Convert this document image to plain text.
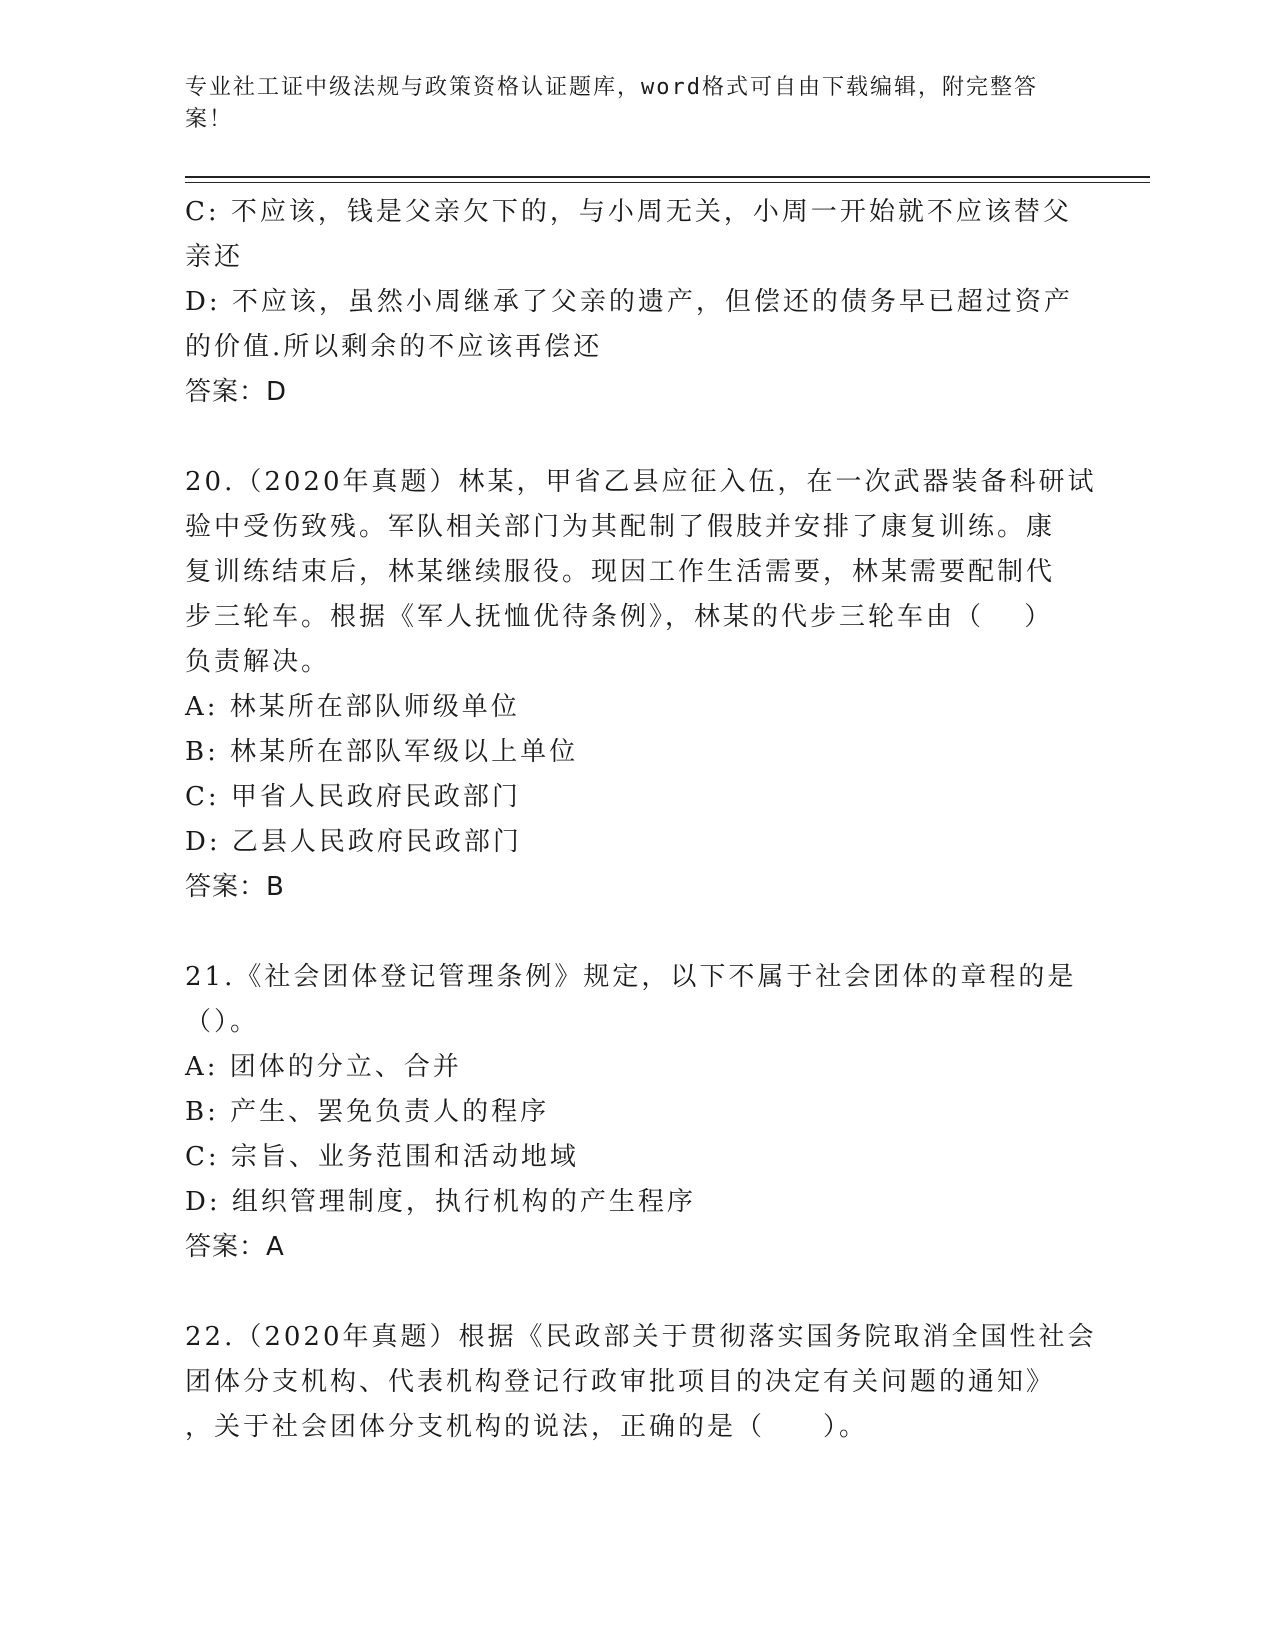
专业社工证中级法规与政策资格认证题库，word格式可自由下载编辑，附完整答
案！
C: 不应该，钱是父亲欠下的，与小周无关，小周一开始就不应该替父
亲还
D: 不应该，虽然小周继承了父亲的遗产，但偿还的债务早已超过资产
的价值.所以剩余的不应该再偿还
答案：D
20.（2020年真题）林某，甲省乙县应征入伍，在一次武器装备科研试
验中受伤致残。军队相关部门为其配制了假肢并安排了康复训练。康
复训练结束后，林某继续服役。现因工作生活需要，林某需要配制代
步三轮车。根据《军人抚恤优待条例》，林某的代步三轮车由（　 ）
负责解决。
A: 林某所在部队师级单位
B: 林某所在部队军级以上单位
C: 甲省人民政府民政部门
D: 乙县人民政府民政部门
答案：B
21.《社会团体登记管理条例》规定，以下不属于社会团体的章程的是
（）。
A: 团体的分立、合并
B: 产生、罢免负责人的程序
C: 宗旨、业务范围和活动地域
D: 组织管理制度，执行机构的产生程序
答案：A
22.（2020年真题）根据《民政部关于贯彻落实国务院取消全国性社会
团体分支机构、代表机构登记行政审批项目的决定有关问题的通知》
，关于社会团体分支机构的说法，正确的是（　　）。
